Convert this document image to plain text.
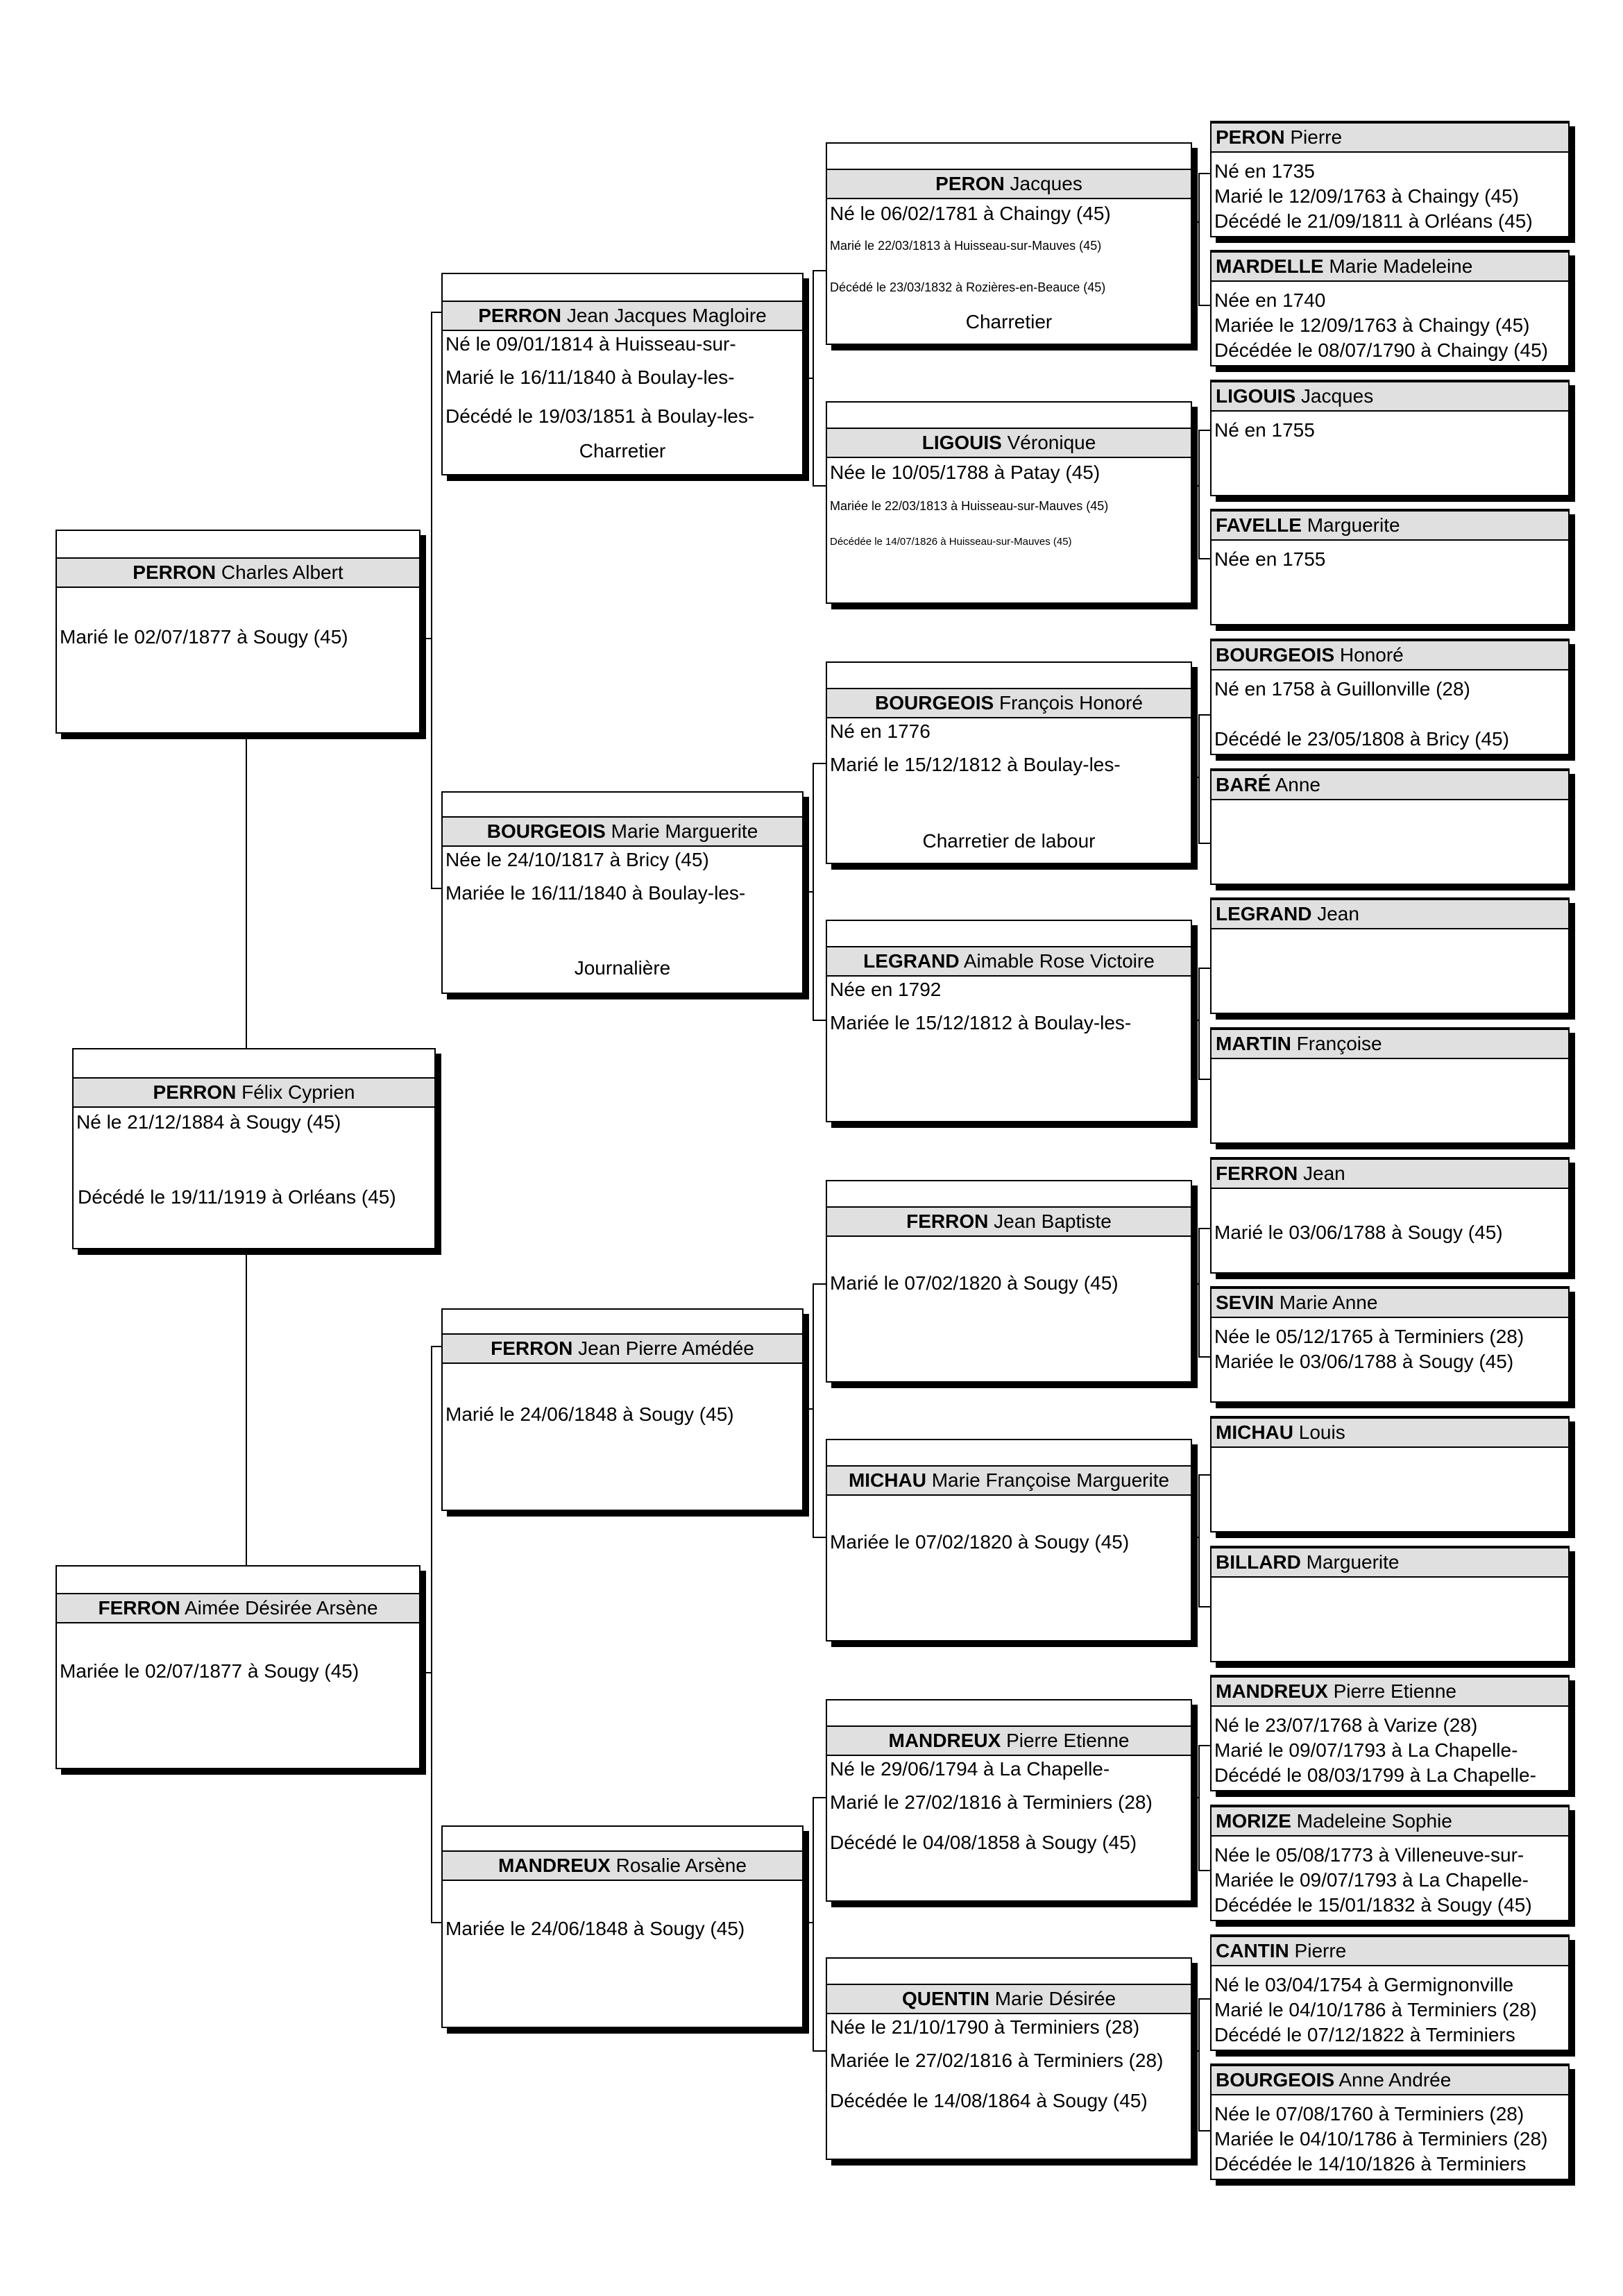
PERRON Félix Cyprien
Né le 21/12/1884 à Sougy (45)
Décédé le 19/11/1919 à Orléans (45)
PERRON Charles Albert
Marié le 02/07/1877 à Sougy (45)
FERRON Aimée Désirée Arsène
Mariée le 02/07/1877 à Sougy (45)
PERRON Jean Jacques Magloire
Né le 09/01/1814 à Huisseau-sur-
Marié le 16/11/1840 à Boulay-les-
Décédé le 19/03/1851 à Boulay-les-
Charretier
BOURGEOIS Marie Marguerite
Née le 24/10/1817 à Bricy (45)
Mariée le 16/11/1840 à Boulay-les-
Journalière
FERRON Jean Pierre Amédée
Marié le 24/06/1848 à Sougy (45)
MANDREUX Rosalie Arsène
Mariée le 24/06/1848 à Sougy (45)
PERON Jacques
Né le 06/02/1781 à Chaingy (45)
Marié le 22/03/1813 à Huisseau-sur-Mauves (45)
Décédé le 23/03/1832 à Rozières-en-Beauce (45)
Charretier
LIGOUIS Véronique
Née le 10/05/1788 à Patay (45)
Mariée le 22/03/1813 à Huisseau-sur-Mauves (45)
Décédée le 14/07/1826 à Huisseau-sur-Mauves (45)
BOURGEOIS François Honoré
Né en 1776
Marié le 15/12/1812 à Boulay-les-
Charretier de labour
LEGRAND Aimable Rose Victoire
Née en 1792
Mariée le 15/12/1812 à Boulay-les-
FERRON Jean Baptiste
Marié le 07/02/1820 à Sougy (45)
MICHAU Marie Françoise Marguerite
Mariée le 07/02/1820 à Sougy (45)
MANDREUX Pierre Etienne
Né le 29/06/1794 à La Chapelle-
Marié le 27/02/1816 à Terminiers (28)
Décédé le 04/08/1858 à Sougy (45)
QUENTIN Marie Désirée
Née le 21/10/1790 à Terminiers (28)
Mariée le 27/02/1816 à Terminiers (28)
Décédée le 14/08/1864 à Sougy (45)
PERON Pierre
Né en 1735
Marié le 12/09/1763 à Chaingy (45)
Décédé le 21/09/1811 à Orléans (45)
MARDELLE Marie Madeleine
Née en 1740
Mariée le 12/09/1763 à Chaingy (45)
Décédée le 08/07/1790 à Chaingy (45)
LIGOUIS Jacques
Né en 1755
FAVELLE Marguerite
Née en 1755
BOURGEOIS Honoré
Né en 1758 à Guillonville (28)
Décédé le 23/05/1808 à Bricy (45)
BARÉ Anne
LEGRAND Jean
MARTIN Françoise
FERRON Jean
Marié le 03/06/1788 à Sougy (45)
SEVIN Marie Anne
Née le 05/12/1765 à Terminiers (28)
Mariée le 03/06/1788 à Sougy (45)
MICHAU Louis
BILLARD Marguerite
MANDREUX Pierre Etienne
Né le 23/07/1768 à Varize (28)
Marié le 09/07/1793 à La Chapelle-
Décédé le 08/03/1799 à La Chapelle-
MORIZE Madeleine Sophie
Née le 05/08/1773 à Villeneuve-sur-
Mariée le 09/07/1793 à La Chapelle-
Décédée le 15/01/1832 à Sougy (45)
CANTIN Pierre
Né le 03/04/1754 à Germignonville
Marié le 04/10/1786 à Terminiers (28)
Décédé le 07/12/1822 à Terminiers
BOURGEOIS Anne Andrée
Née le 07/08/1760 à Terminiers (28)
Mariée le 04/10/1786 à Terminiers (28)
Décédée le 14/10/1826 à Terminiers
